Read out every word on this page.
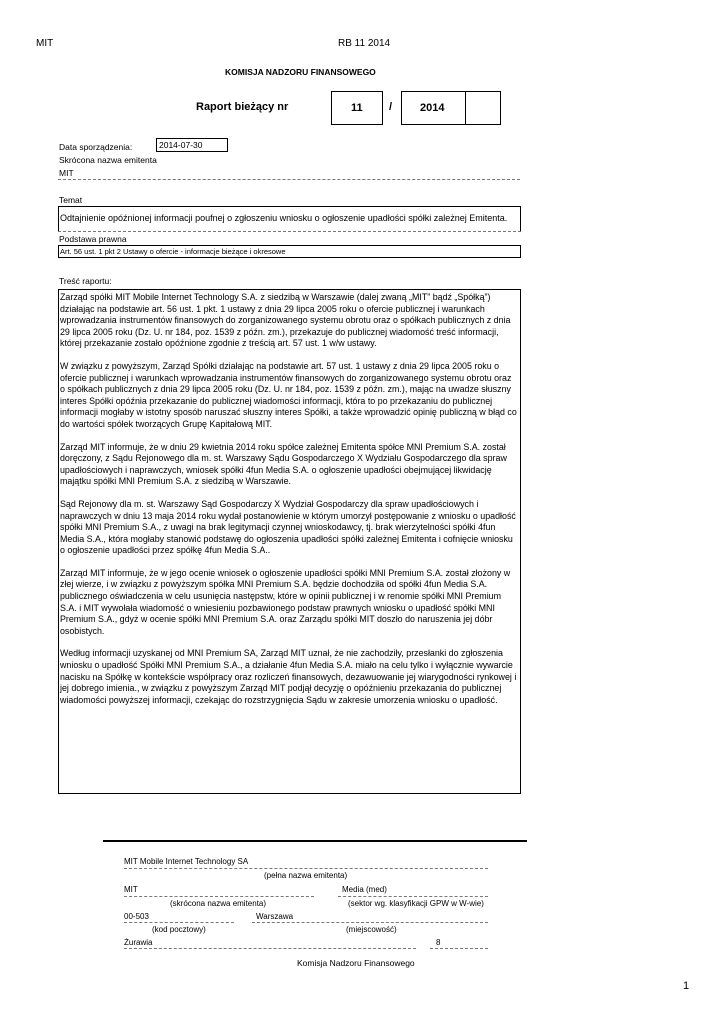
MIT	RB 11 2014
KOMISJA NADZORU FINANSOWEGO
Raport bieżący nr	11 /	2014
Data sporządzenia:	2014-07-30
Skrócona nazwa emitenta
MIT
Temat
Odtajnienie opóźnionej informacji poufnej o zgłoszeniu wniosku o ogłoszenie upadłości spółki zależnej Emitenta.
Podstawa prawna
Art. 56 ust. 1 pkt 2 Ustawy o ofercie - informacje bieżące i okresowe
Treść raportu:

Zarząd spółki MIT Mobile Internet Technology S.A. z siedzibą w Warszawie (dalej zwaną „MIT” bądź „Spółką”) działając na podstawie art. 56 ust. 1 pkt. 1 ustawy z dnia 29 lipca 2005 roku o ofercie publicznej i warunkach wprowadzania instrumentów finansowych do zorganizowanego systemu obrotu oraz o spółkach publicznych z dnia 29 lipca 2005 roku (Dz. U. nr 184, poz. 1539 z późn. zm.), przekazuje do publicznej wiadomość treść informacji, której przekazanie zostało opóźnione zgodnie z treścią art. 57 ust. 1 w/w ustawy.

W związku z powyższym, Zarząd Spółki działając na podstawie art. 57 ust. 1 ustawy z dnia 29 lipca 2005 roku o ofercie publicznej i warunkach wprowadzania instrumentów finansowych do zorganizowanego systemu obrotu oraz o spółkach publicznych z dnia 29 lipca 2005 roku (Dz. U. nr 184, poz. 1539 z późn. zm.), mając na uwadze słuszny interes Spółki opóźnia przekazanie do publicznej wiadomości informacji, która to po przekazaniu do publicznej informacji mogłaby w istotny sposób naruszać słuszny interes Spółki, a także wprowadzić opinię publiczną w błąd co do wartości spółek tworzących Grupę Kapitałową MIT.

Zarząd MIT informuje, że w dniu 29 kwietnia 2014 roku spółce zależnej Emitenta spółce MNI Premium S.A. został doręczony, z Sądu Rejonowego dla m. st. Warszawy Sądu Gospodarczego X Wydziału Gospodarczego dla spraw upadłościowych i naprawczych, wniosek spółki 4fun Media S.A. o ogłoszenie upadłości obejmującej likwidację majątku spółki MNI Premium S.A. z siedzibą w Warszawie.

Sąd Rejonowy dla m. st. Warszawy Sąd Gospodarczy X Wydział Gospodarczy dla spraw upadłościowych i naprawczych w dniu 13 maja 2014 roku wydał postanowienie w którym umorzył postępowanie z wniosku o upadłość spółki MNI Premium S.A., z uwagi na brak legitymacji czynnej wnioskodawcy, tj. brak wierzytelności spółki 4fun Media S.A., która mogłaby stanowić podstawę do ogłoszenia upadłości spółki zależnej Emitenta i cofnięcie wniosku o ogłoszenie upadłości przez spółkę 4fun Media S.A..

Zarząd MIT informuje, że w jego ocenie wniosek o ogłoszenie upadłości spółki MNI Premium S.A. został złożony w złej wierze, i w związku z powyższym spółka MNI Premium S.A. będzie dochodziła od spółki 4fun Media S.A. publicznego oświadczenia w celu usunięcia następstw, które w opinii publicznej i w renomie spółki MNI Premium S.A. i MIT wywołała wiadomość o wniesieniu pozbawionego podstaw prawnych wniosku o upadłość spółki MNI Premium S.A., gdyż w ocenie spółki MNI Premium S.A. oraz Zarządu spółki MIT doszło do naruszenia jej dóbr osobistych.

Według informacji uzyskanej od MNI Premium SA, Zarząd MIT uznał, że nie zachodziły, przesłanki do zgłoszenia wniosku o upadłość Spółki MNI Premium S.A., a działanie 4fun Media S.A. miało na celu tylko i wyłącznie wywarcie nacisku na Spółkę w kontekście współpracy oraz rozliczeń finansowych, dezawuowanie jej wiarygodności rynkowej i jej dobrego imienia., w związku z powyższym Zarząd MIT podjął decyzję o opóźnieniu przekazania do publicznej wiadomości powyższej informacji, czekając do rozstrzygnięcia Sądu w zakresie umorzenia wniosku o upadłość.

MIT Mobile Internet Technology SA
(pełna nazwa emitenta)
MIT	Media (med)
(skrócona nazwa emitenta)	(sektor wg. klasyfikacji GPW w W-wie)
00-503	Warszawa
(kod pocztowy)	(miejscowość)
Żurawia	8
Komisja Nadzoru Finansowego
1
